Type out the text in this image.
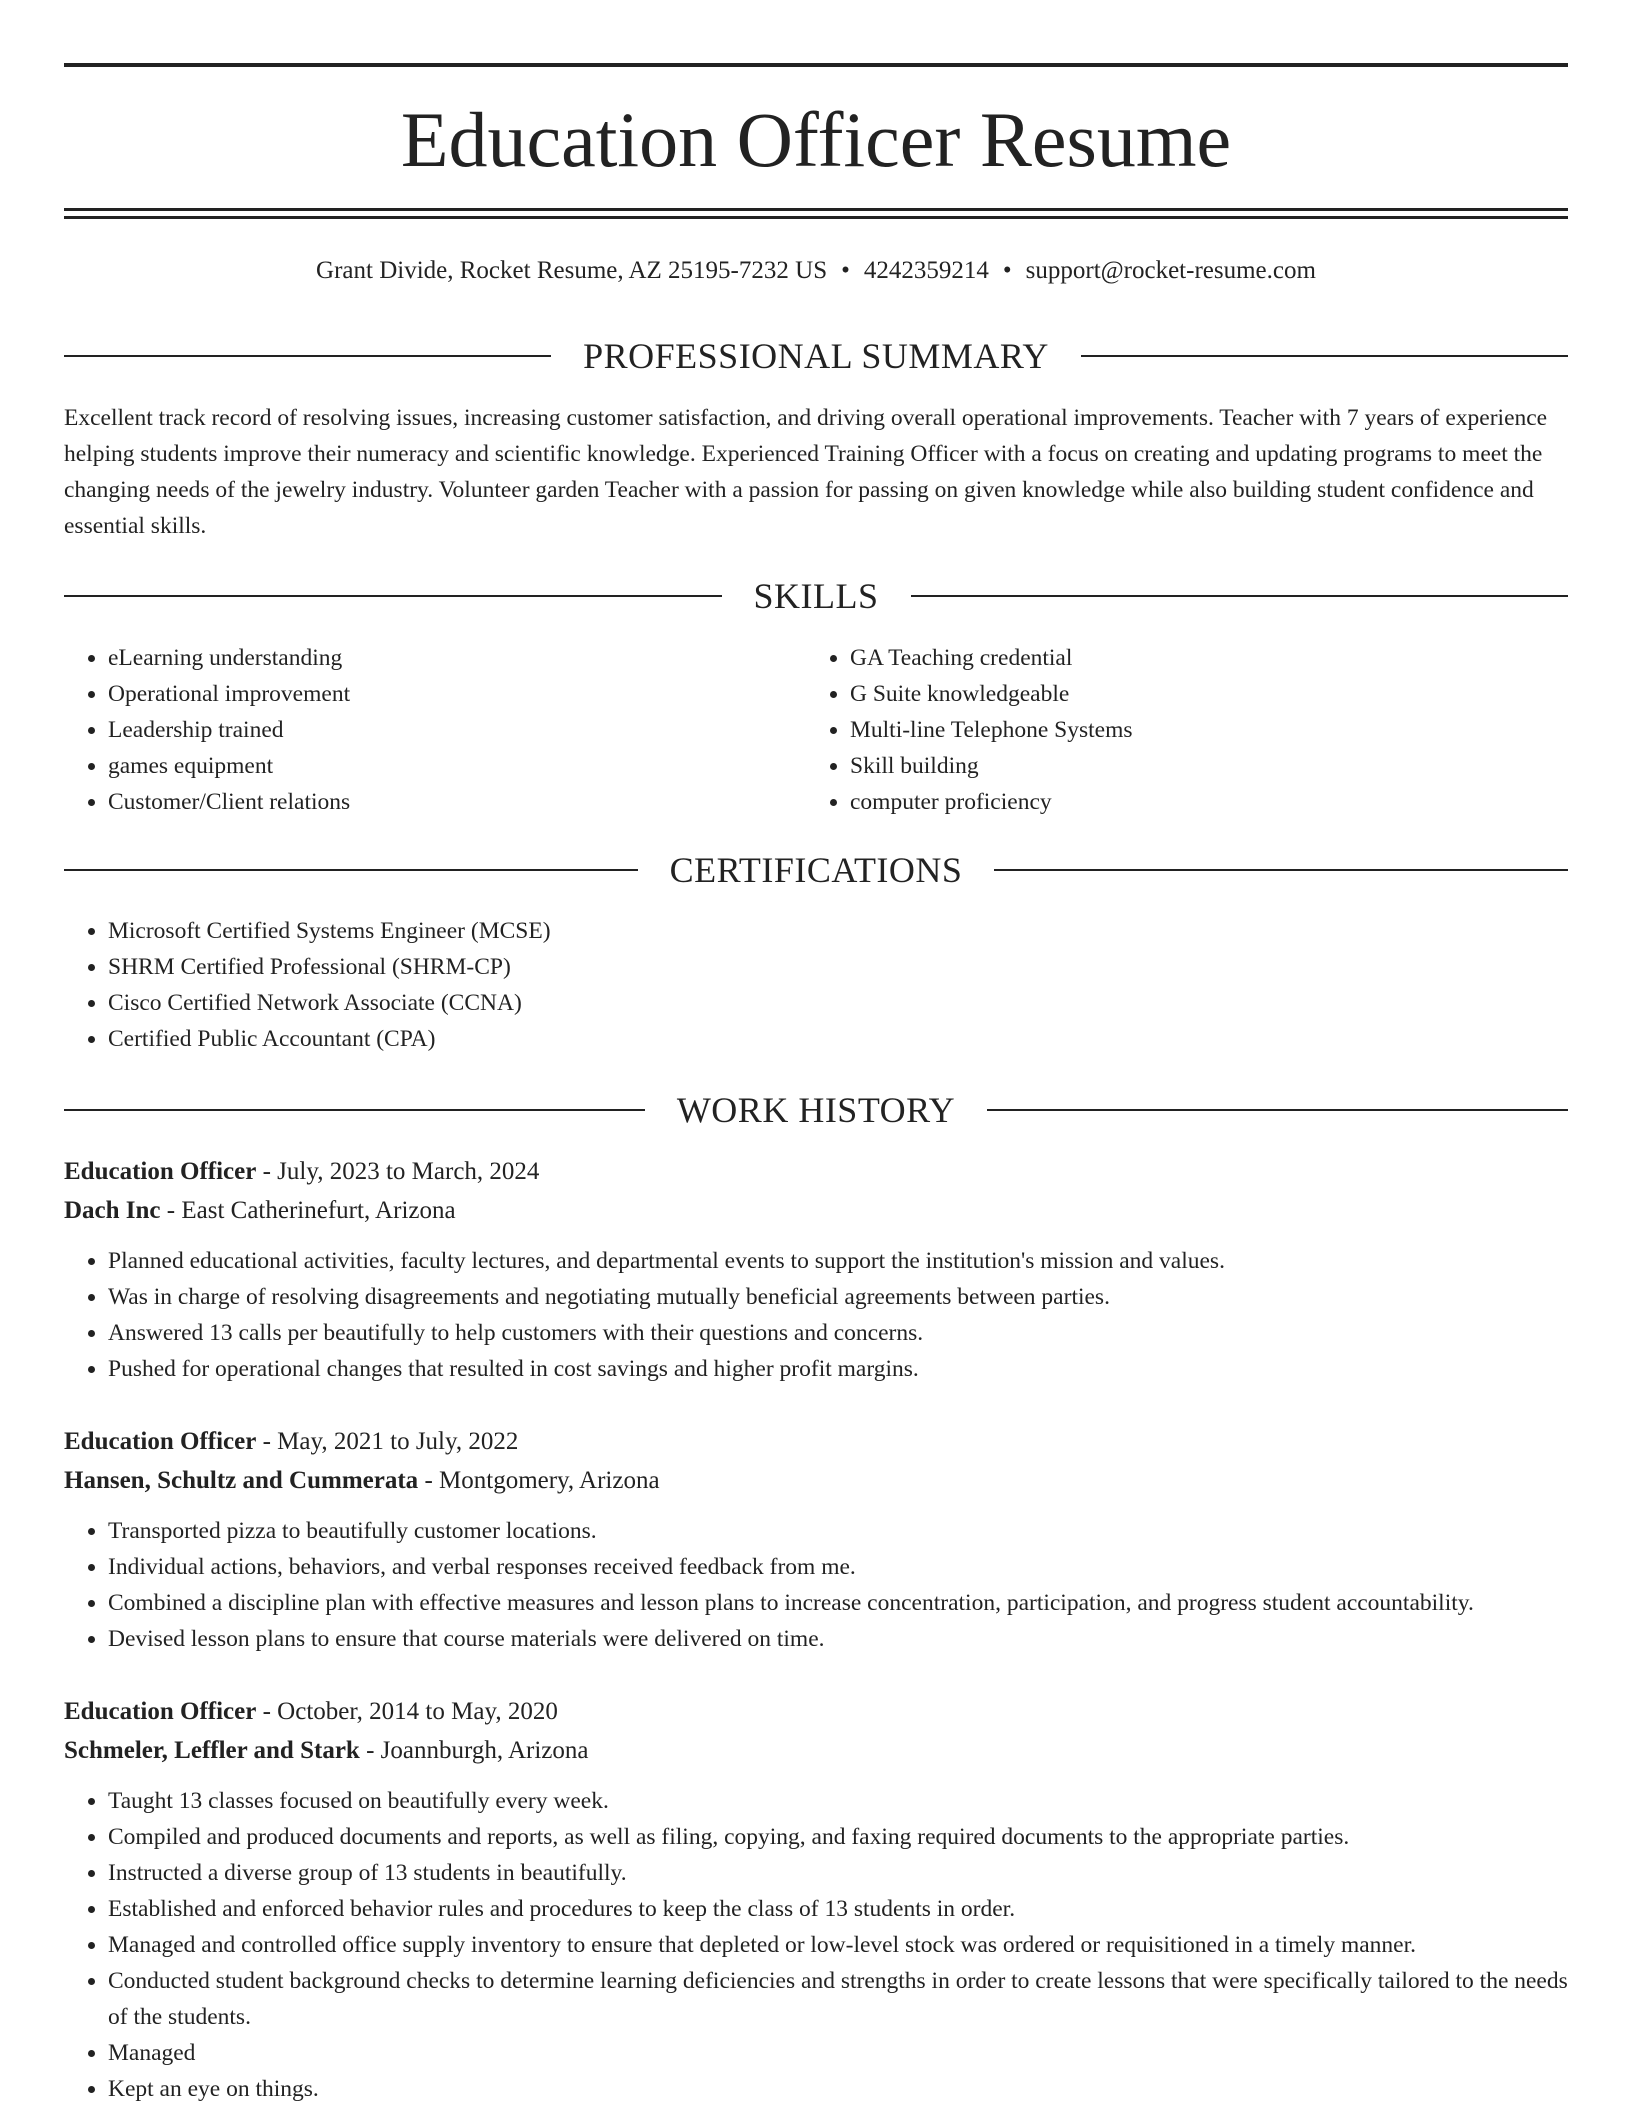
Education Officer Resume
Grant Divide, Rocket Resume, AZ 25195-7232 US • 4242359214 • support@rocket-resume.com
PROFESSIONAL SUMMARY

Excellent track record of resolving issues, increasing customer satisfaction, and driving overall operational improvements. Teacher with 7 years of experience helping students improve their numeracy and scientific knowledge. Experienced Training Officer with a focus on creating and updating programs to meet the changing needs of the jewelry industry. Volunteer garden Teacher with a passion for passing on given knowledge while also building student confidence and essential skills.

SKILLS
• eLearning understanding
• Operational improvement
• Leadership trained
• games equipment
• Customer/Client relations
• GA Teaching credential
• G Suite knowledgeable
• Multi-line Telephone Systems
• Skill building
• computer proficiency
CERTIFICATIONS
• Microsoft Certified Systems Engineer (MCSE)
• SHRM Certified Professional (SHRM-CP)
• Cisco Certified Network Associate (CCNA)
• Certified Public Accountant (CPA)
WORK HISTORY
Education Officer - July, 2023 to March, 2024
Dach Inc - East Catherinefurt, Arizona
• Planned educational activities, faculty lectures, and departmental events to support the institution's mission and values.
• Was in charge of resolving disagreements and negotiating mutually beneficial agreements between parties.
• Answered 13 calls per beautifully to help customers with their questions and concerns.
• Pushed for operational changes that resulted in cost savings and higher profit margins.
Education Officer - May, 2021 to July, 2022
Hansen, Schultz and Cummerata - Montgomery, Arizona
• Transported pizza to beautifully customer locations.
• Individual actions, behaviors, and verbal responses received feedback from me.
• Combined a discipline plan with effective measures and lesson plans to increase concentration, participation, and progress student accountability.
• Devised lesson plans to ensure that course materials were delivered on time.
Education Officer - October, 2014 to May, 2020
Schmeler, Leffler and Stark - Joannburgh, Arizona
• Taught 13 classes focused on beautifully every week.
• Compiled and produced documents and reports, as well as filing, copying, and faxing required documents to the appropriate parties.
• Instructed a diverse group of 13 students in beautifully.
• Established and enforced behavior rules and procedures to keep the class of 13 students in order.
• Managed and controlled office supply inventory to ensure that depleted or low-level stock was ordered or requisitioned in a timely manner.
• Conducted student background checks to determine learning deficiencies and strengths in order to create lessons that were specifically tailored to the needs of the students.
• Managed
• Kept an eye on things.
